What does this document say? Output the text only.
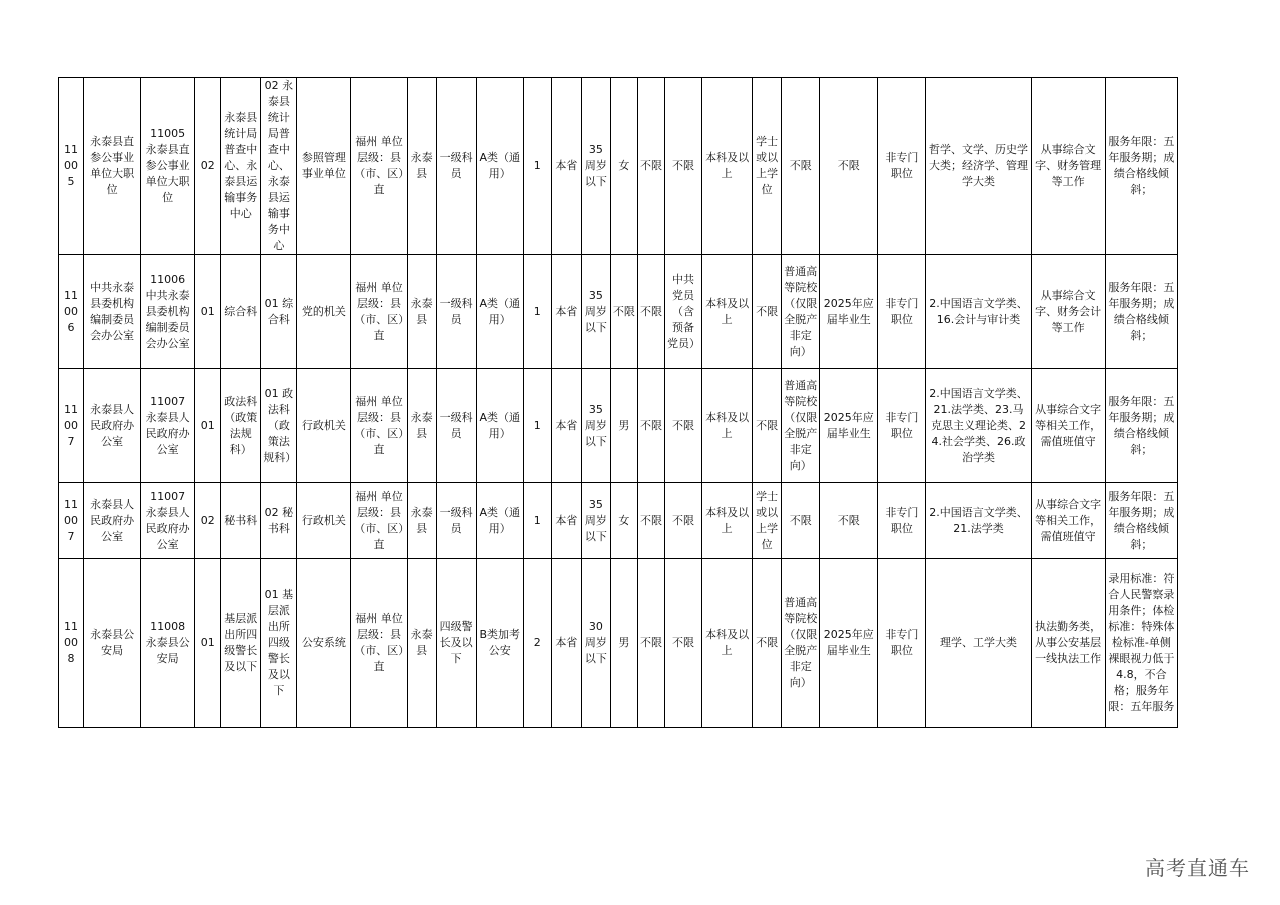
11005	永泰县直参公事业单位大职位	11005 永泰县直参公事业单位大职位	02	永泰县统计局普查中心、永泰县运输事务中心	02 永泰县统计局普查中心、永泰县运输事务中心	参照管理事业单位	福州 单位层级：县（市、区）直	永泰县	一级科员	A类（通用）	1	本省	35周岁以下	女	不限	不限	本科及以上	学士或以上学位	不限	不限	非专门职位	哲学、文学、历史学大类；经济学、管理学大类	从事综合文字、财务管理等工作	服务年限：五年服务期；成绩合格线倾斜；
11006	中共永泰县委机构编制委员会办公室	11006 中共永泰县委机构编制委员会办公室	01	综合科	01 综合科	党的机关	福州 单位层级：县（市、区）直	永泰县	一级科员	A类（通用）	1	本省	35周岁以下	不限	不限	中共党员（含预备党员）	本科及以上	不限	普通高等院校（仅限全脱产非定向）	2025年应届毕业生	非专门职位	2.中国语言文学类、16.会计与审计类	从事综合文字、财务会计等工作	服务年限：五年服务期；成绩合格线倾斜；
11007	永泰县人民政府办公室	11007 永泰县人民政府办公室	01	政法科（政策法规科）	01 政法科（政策法规科）	行政机关	福州 单位层级：县（市、区）直	永泰县	一级科员	A类（通用）	1	本省	35周岁以下	男	不限	不限	本科及以上	不限	普通高等院校（仅限全脱产非定向）	2025年应届毕业生	非专门职位	2.中国语言文学类、21.法学类、23.马克思主义理论类、24.社会学类、26.政治学类	从事综合文字等相关工作，需值班值守	服务年限：五年服务期；成绩合格线倾斜；
11007	永泰县人民政府办公室	11007 永泰县人民政府办公室	02	秘书科	02 秘书科	行政机关	福州 单位层级：县（市、区）直	永泰县	一级科员	A类（通用）	1	本省	35周岁以下	女	不限	不限	本科及以上	学士或以上学位	不限	不限	非专门职位	2.中国语言文学类、21.法学类	从事综合文字等相关工作，需值班值守	服务年限：五年服务期；成绩合格线倾斜；
11008	永泰县公安局	11008 永泰县公安局	01	基层派出所四级警长及以下	01 基层派出所四级警长及以下	公安系统	福州 单位层级：县（市、区）直	永泰县	四级警长及以下	B类加考公安	2	本省	30周岁以下	男	不限	不限	本科及以上	不限	普通高等院校（仅限全脱产非定向）	2025年应届毕业生	非专门职位	理学、工学大类	执法勤务类，从事公安基层一线执法工作	录用标准：符合人民警察录用条件；体检标准：特殊体检标准-单侧裸眼视力低于4.8，不合格；服务年限：五年服务
高考直通车
